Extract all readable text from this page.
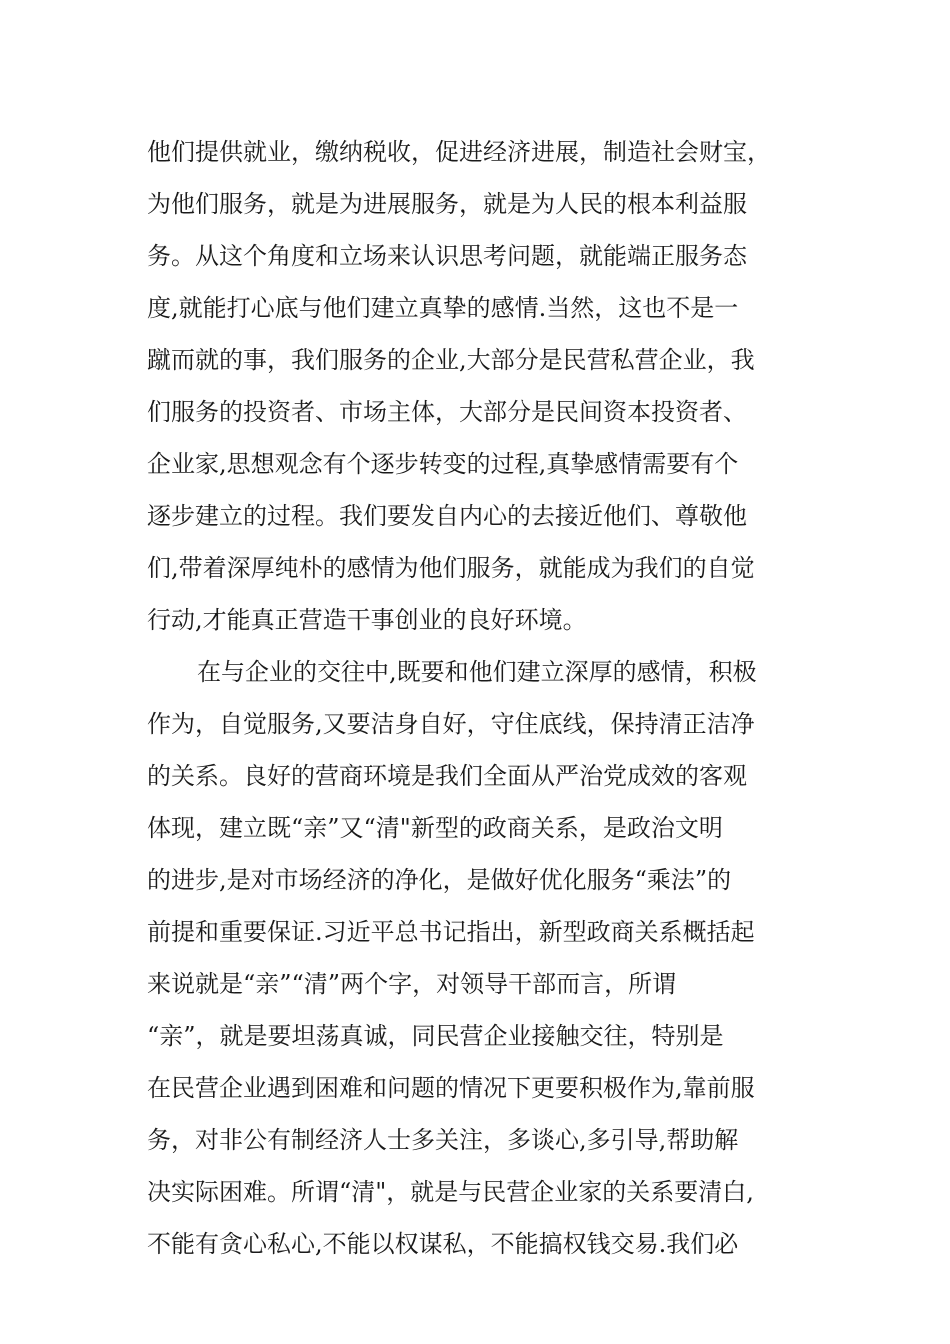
他们提供就业，缴纳税收，促进经济进展，制造社会财宝，
为他们服务，就是为进展服务，就是为人民的根本利益服
务。从这个角度和立场来认识思考问题，就能端正服务态
度,就能打心底与他们建立真挚的感情.当然，这也不是一
蹴而就的事，我们服务的企业,大部分是民营私营企业，我
们服务的投资者、市场主体，大部分是民间资本投资者、
企业家,思想观念有个逐步转变的过程,真挚感情需要有个
逐步建立的过程。我们要发自内心的去接近他们、尊敬他
们,带着深厚纯朴的感情为他们服务，就能成为我们的自觉
行动,才能真正营造干事创业的良好环境。
在与企业的交往中,既要和他们建立深厚的感情，积极
作为，自觉服务,又要洁身自好，守住底线，保持清正洁净
的关系。良好的营商环境是我们全面从严治党成效的客观
体现，建立既“亲”又“清"新型的政商关系，是政治文明
的进步,是对市场经济的净化，是做好优化服务“乘法”的
前提和重要保证.习近平总书记指出，新型政商关系概括起
来说就是“亲”“清”两个字，对领导干部而言，所谓
“亲”，就是要坦荡真诚，同民营企业接触交往，特别是
在民营企业遇到困难和问题的情况下更要积极作为,靠前服
务，对非公有制经济人士多关注，多谈心,多引导,帮助解
决实际困难。所谓“清"，就是与民营企业家的关系要清白,
不能有贪心私心,不能以权谋私，不能搞权钱交易.我们必
